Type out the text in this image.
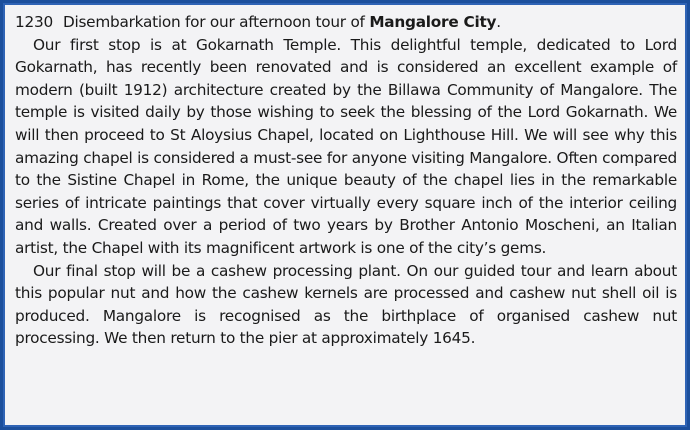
1230 Disembarkation for our afternoon tour of Mangalore City.

Our first stop is at Gokarnath Temple. This delightful temple, dedicated to Lord Gokarnath, has recently been renovated and is considered an excellent example of modern (built 1912) architecture created by the Billawa Community of Mangalore. The temple is visited daily by those wishing to seek the blessing of the Lord Gokarnath. We will then proceed to St Aloysius Chapel, located on Lighthouse Hill. We will see why this amazing chapel is considered a must-see for anyone visiting Mangalore. Often compared to the Sistine Chapel in Rome, the unique beauty of the chapel lies in the remarkable series of intricate paintings that cover virtually every square inch of the interior ceiling and walls. Created over a period of two years by Brother Antonio Moscheni, an Italian artist, the Chapel with its magnificent artwork is one of the city’s gems.

Our final stop will be a cashew processing plant. On our guided tour and learn about this popular nut and how the cashew kernels are processed and cashew nut shell oil is produced. Mangalore is recognised as the birthplace of organised cashew nut processing. We then return to the pier at approximately 1645.
